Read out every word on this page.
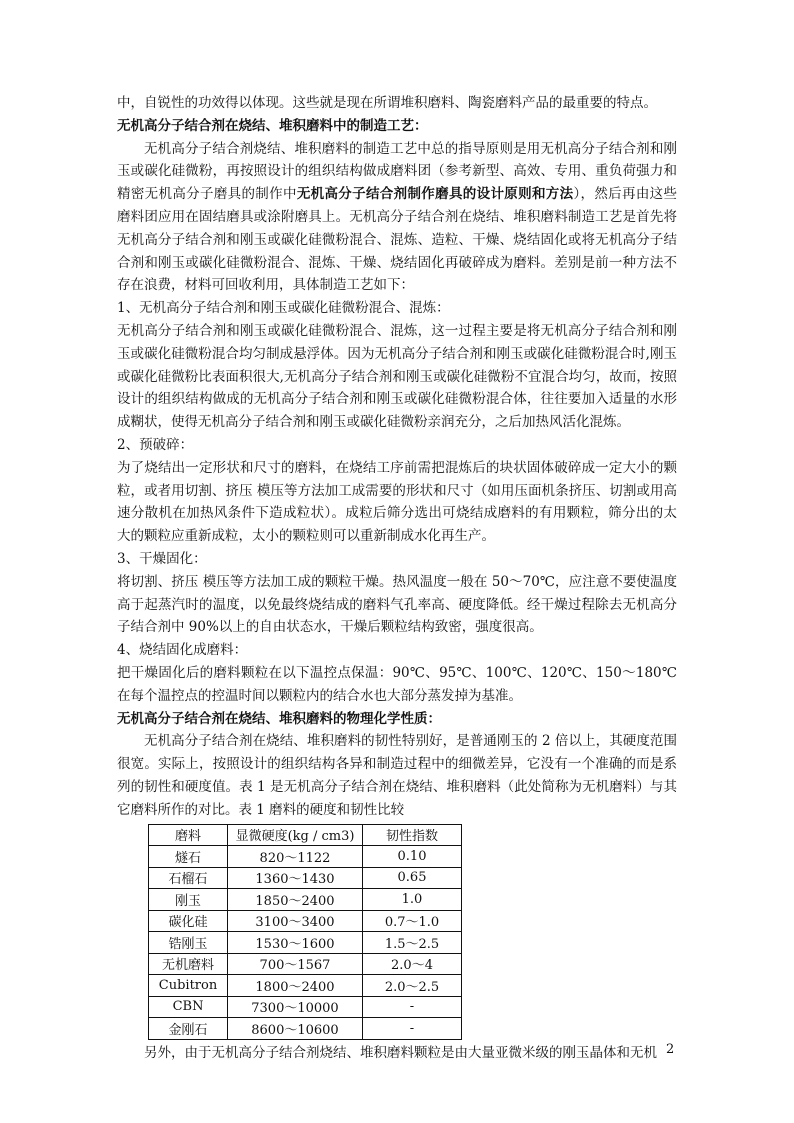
中，自锐性的功效得以体现。这些就是现在所谓堆积磨料、陶瓷磨料产品的最重要的特点。

无机高分子结合剂在烧结、堆积磨料中的制造工艺：

无机高分子结合剂烧结、堆积磨料的制造工艺中总的指导原则是用无机高分子结合剂和刚玉或碳化硅微粉，再按照设计的组织结构做成磨料团（参考新型、高效、专用、重负荷强力和精密无机高分子磨具的制作中无机高分子结合剂制作磨具的设计原则和方法），然后再由这些磨料团应用在固结磨具或涂附磨具上。无机高分子结合剂在烧结、堆积磨料制造工艺是首先将无机高分子结合剂和刚玉或碳化硅微粉混合、混炼、造粒、干燥、烧结固化或将无机高分子结合剂和刚玉或碳化硅微粉混合、混炼、干燥、烧结固化再破碎成为磨料。差别是前一种方法不存在浪费，材料可回收利用，具体制造工艺如下：

1、无机高分子结合剂和刚玉或碳化硅微粉混合、混炼：

无机高分子结合剂和刚玉或碳化硅微粉混合、混炼，这一过程主要是将无机高分子结合剂和刚玉或碳化硅微粉混合均匀制成悬浮体。因为无机高分子结合剂和刚玉或碳化硅微粉混合时,刚玉或碳化硅微粉比表面积很大,无机高分子结合剂和刚玉或碳化硅微粉不宜混合均匀，故而，按照设计的组织结构做成的无机高分子结合剂和刚玉或碳化硅微粉混合体，往往要加入适量的水形成糊状，使得无机高分子结合剂和刚玉或碳化硅微粉亲润充分，之后加热风活化混炼。

2、预破碎：

为了烧结出一定形状和尺寸的磨料，在烧结工序前需把混炼后的块状固体破碎成一定大小的颗粒，或者用切割、挤压 模压等方法加工成需要的形状和尺寸（如用压面机条挤压、切割或用高速分散机在加热风条件下造成粒状）。成粒后筛分选出可烧结成磨料的有用颗粒，筛分出的太大的颗粒应重新成粒，太小的颗粒则可以重新制成水化再生产。

3、干燥固化：

将切割、挤压 模压等方法加工成的颗粒干燥。热风温度一般在 50～70℃，应注意不要使温度高于起蒸汽时的温度，以免最终烧结成的磨料气孔率高、硬度降低。经干燥过程除去无机高分子结合剂中 90%以上的自由状态水，干燥后颗粒结构致密，强度很高。

4、烧结固化成磨料：

把干燥固化后的磨料颗粒在以下温控点保温：90℃、95℃、100℃、120℃、150～180℃在每个温控点的控温时间以颗粒内的结合水也大部分蒸发掉为基准。

无机高分子结合剂在烧结、堆积磨料的物理化学性质：

无机高分子结合剂在烧结、堆积磨料的韧性特别好，是普通刚玉的 2 倍以上，其硬度范围很宽。实际上，按照设计的组织结构各异和制造过程中的细微差异，它没有一个准确的而是系列的韧性和硬度值。表 1 是无机高分子结合剂在烧结、堆积磨料（此处简称为无机磨料）与其它磨料所作的对比。表 1 磨料的硬度和韧性比较

磨料	显微硬度(kg / cm3)	韧性指数
燧石	820～1122	0.10
石榴石	1360～1430	0.65
刚玉	1850～2400	1.0
碳化硅	3100～3400	0.7～1.0
锆刚玉	1530～1600	1.5～2.5
无机磨料	700～1567	2.0～4
Cubitron	1800～2400	2.0～2.5
CBN	7300～10000	-
金刚石	8600～10600	-

另外，由于无机高分子结合剂烧结、堆积磨料颗粒是由大量亚微米级的刚玉晶体和无机 2
